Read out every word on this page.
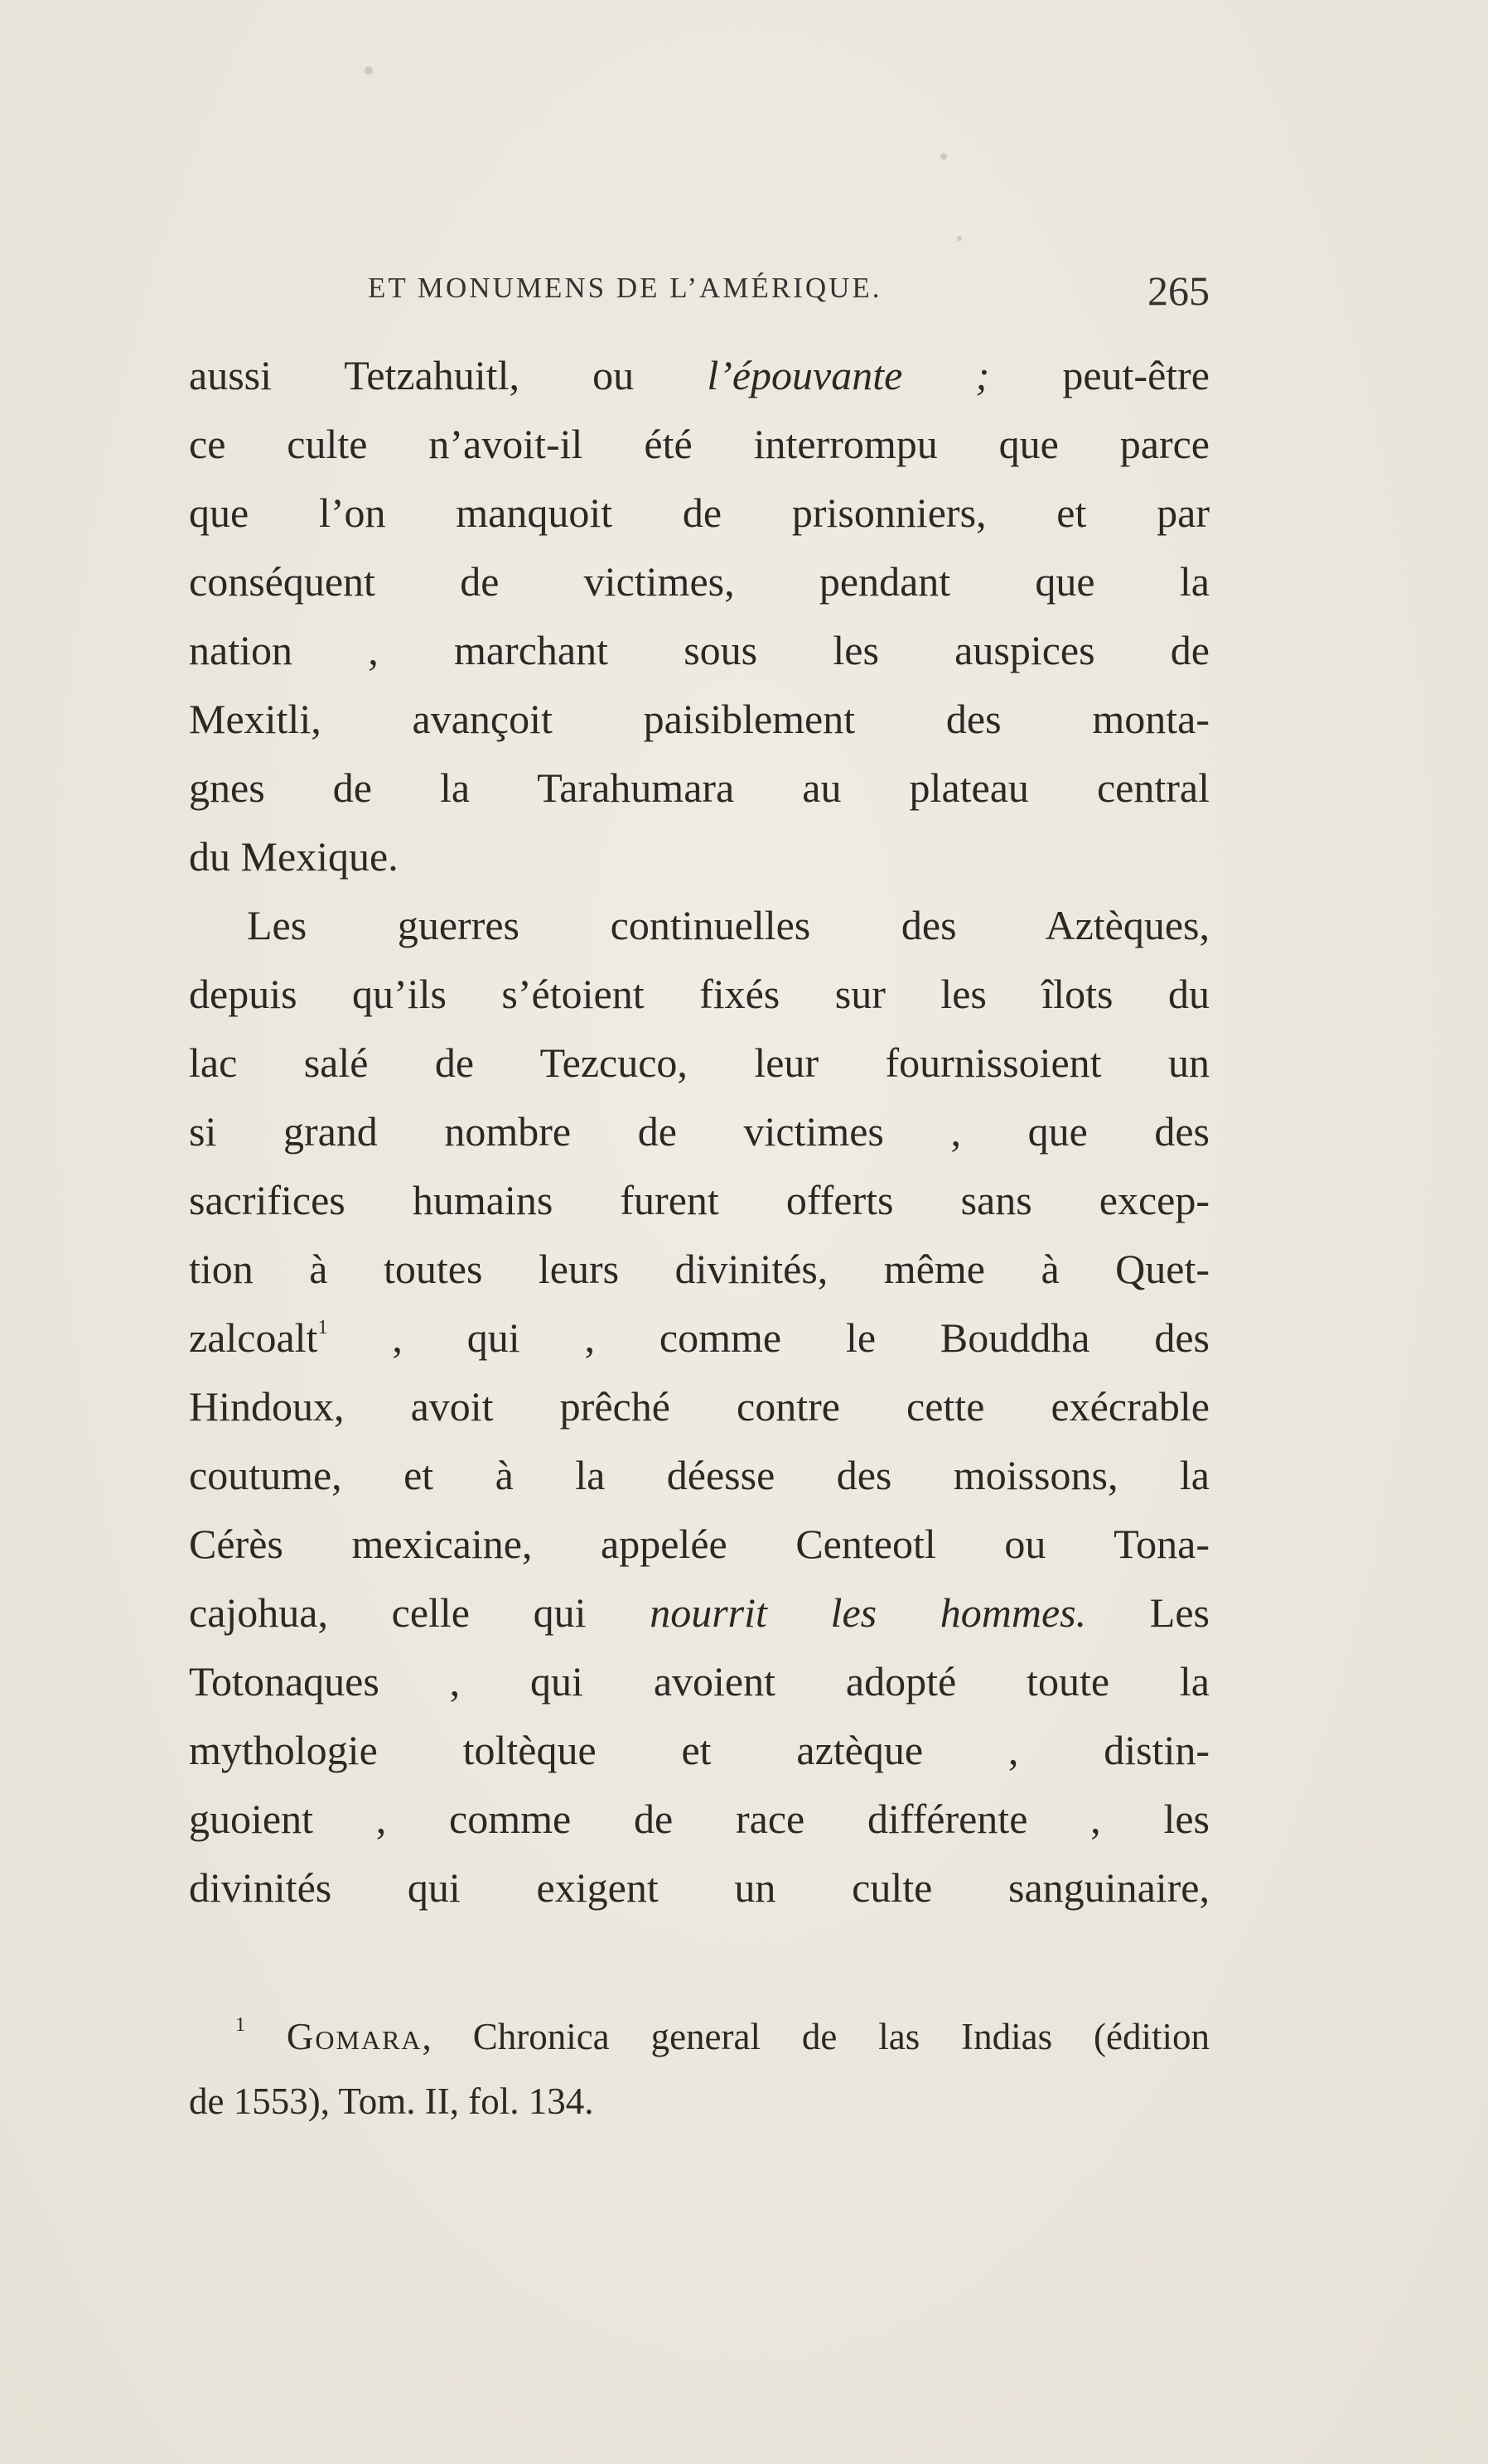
ET MONUMENS DE L’AMÉRIQUE.	265
aussi Tetzahuitl, ou l’épouvante ; peut-être
ce culte n’avoit-il été interrompu que parce
que l’on manquoit de prisonniers, et par
conséquent de victimes, pendant que la
nation , marchant sous les auspices de
Mexitli, avançoit paisiblement des monta-
gnes de la Tarahumara au plateau central
du Mexique.
Les guerres continuelles des Aztèques,
depuis qu’ils s’étoient fixés sur les îlots du
lac salé de Tezcuco, leur fournissoient un
si grand nombre de victimes , que des
sacrifices humains furent offerts sans excep-
tion à toutes leurs divinités, même à Quet-
zalcoalt$^1$ , qui , comme le Bouddha des
Hindoux, avoit prêché contre cette exécrable
coutume, et à la déesse des moissons, la
Cérès mexicaine, appelée Centeotl ou Tona-
cajohua, celle qui nourrit les hommes. Les
Totonaques , qui avoient adopté toute la
mythologie toltèque et aztèque , distin-
guoient , comme de race différente , les
divinités qui exigent un culte sanguinaire,
$^1$ Gomara, Chronica general de las Indias (édition
de 1553), Tom. II, fol. 134.
